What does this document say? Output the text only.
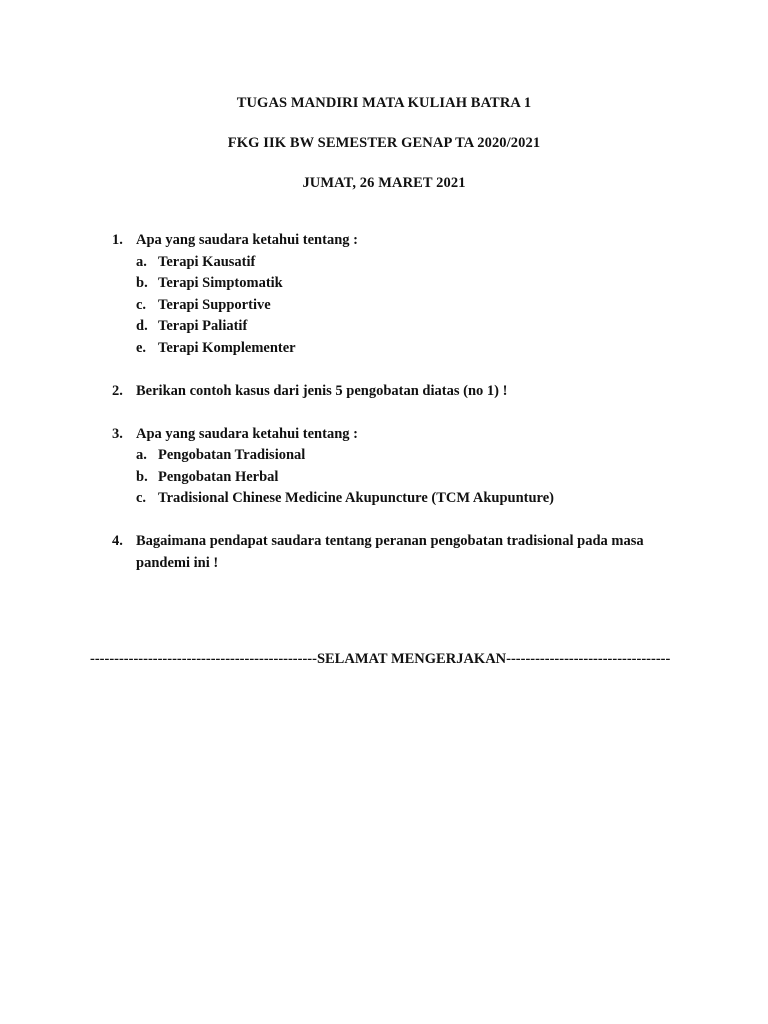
TUGAS MANDIRI MATA KULIAH BATRA 1
FKG IIK BW SEMESTER GENAP TA 2020/2021
JUMAT, 26 MARET 2021
1. Apa yang saudara ketahui tentang :
a. Terapi Kausatif
b. Terapi Simptomatik
c. Terapi Supportive
d. Terapi Paliatif
e. Terapi Komplementer
2. Berikan contoh kasus dari jenis 5 pengobatan diatas (no 1) !
3. Apa yang saudara ketahui tentang :
a. Pengobatan Tradisional
b. Pengobatan Herbal
c. Tradisional Chinese Medicine Akupuncture (TCM Akupunture)
4. Bagaimana pendapat saudara tentang peranan pengobatan tradisional pada masa pandemi ini !
-----------------------------------------------SELAMAT MENGERJAKAN----------------------------------
